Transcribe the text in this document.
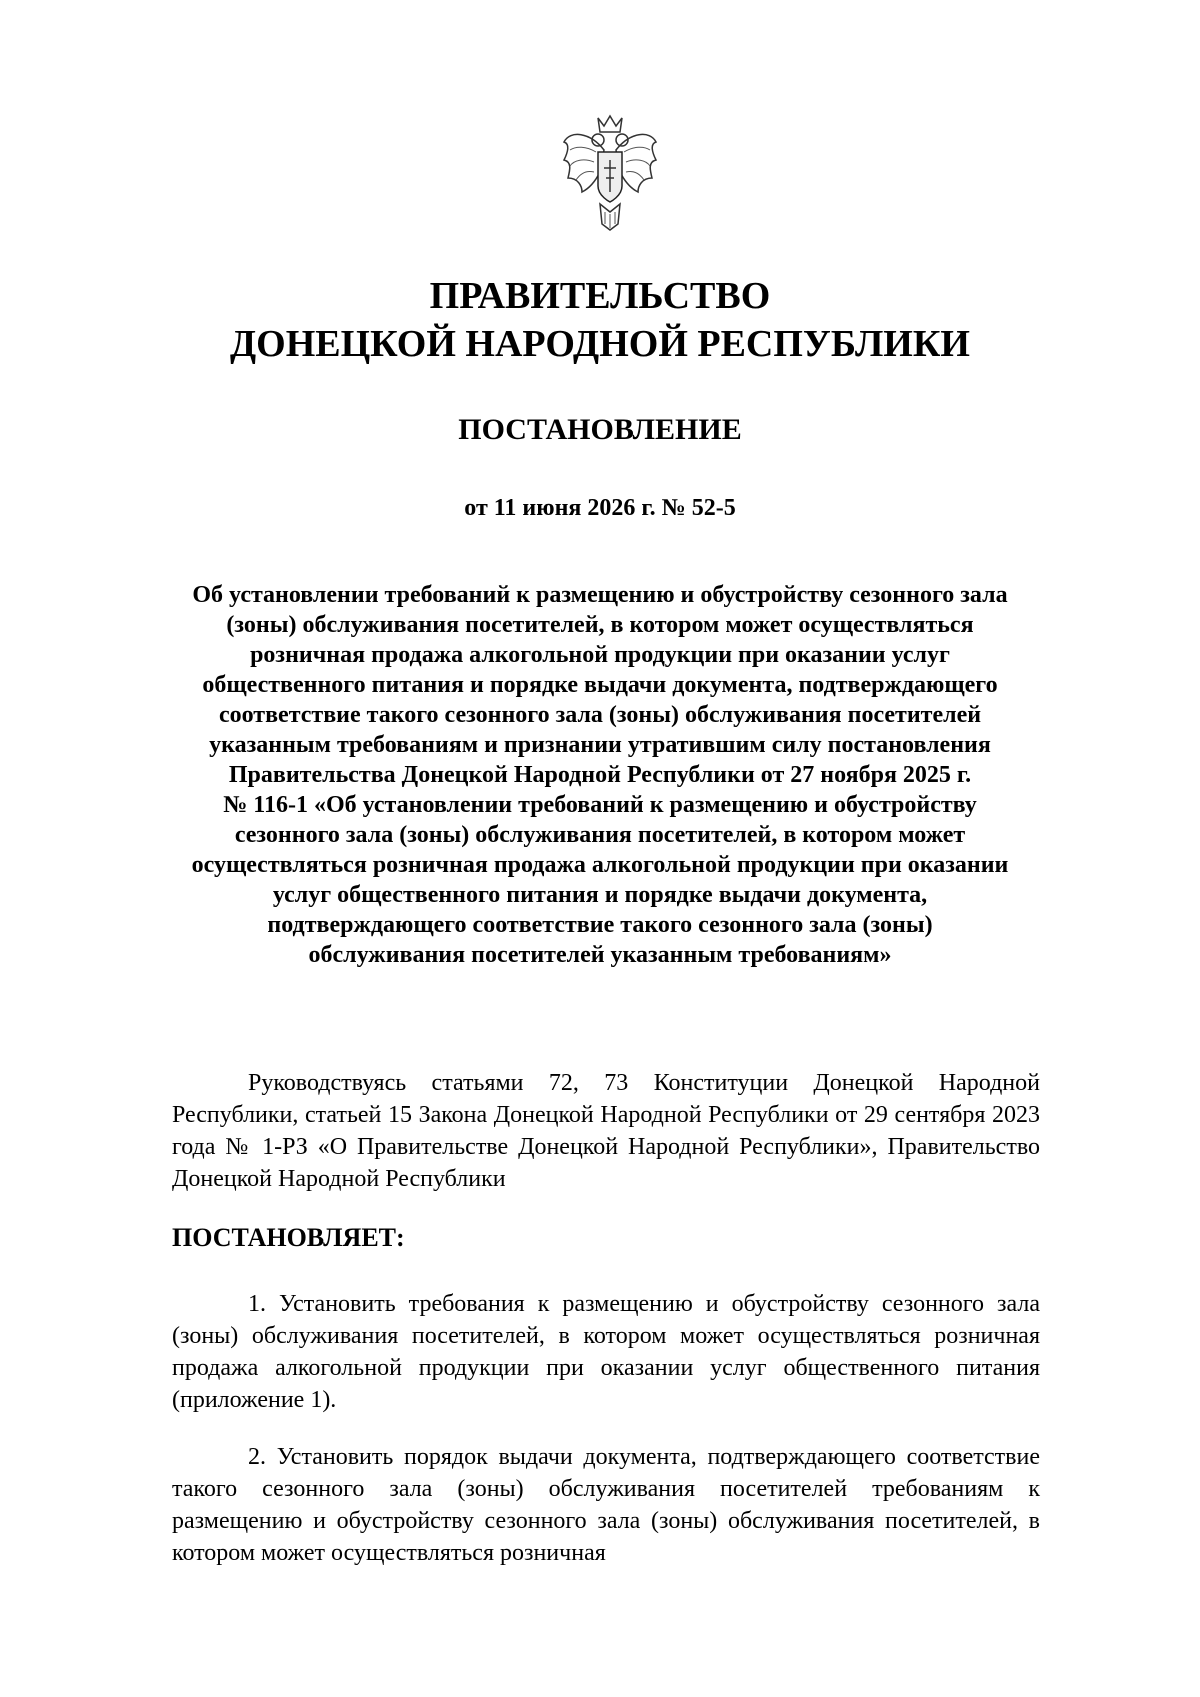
ПРАВИТЕЛЬСТВО
ДОНЕЦКОЙ НАРОДНОЙ РЕСПУБЛИКИ
ПОСТАНОВЛЕНИЕ
от 11 июня 2026 г. № 52-5
Об установлении требований к размещению и обустройству сезонного зала
(зоны) обслуживания посетителей, в котором может осуществляться
розничная продажа алкогольной продукции при оказании услуг
общественного питания и порядке выдачи документа, подтверждающего
соответствие такого сезонного зала (зоны) обслуживания посетителей
указанным требованиям и признании утратившим силу постановления
Правительства Донецкой Народной Республики от 27 ноября 2025 г.
№ 116-1 «Об установлении требований к размещению и обустройству
сезонного зала (зоны) обслуживания посетителей, в котором может
осуществляться розничная продажа алкогольной продукции при оказании
услуг общественного питания и порядке выдачи документа,
подтверждающего соответствие такого сезонного зала (зоны)
обслуживания посетителей указанным требованиям»

Руководствуясь статьями 72, 73 Конституции Донецкой Народной Республики, статьей 15 Закона Донецкой Народной Республики от 29 сентября 2023 года № 1-РЗ «О Правительстве Донецкой Народной Республики», Правительство Донецкой Народной Республики

ПОСТАНОВЛЯЕТ:

1. Установить требования к размещению и обустройству сезонного зала (зоны) обслуживания посетителей, в котором может осуществляться розничная продажа алкогольной продукции при оказании услуг общественного питания (приложение 1).

2. Установить порядок выдачи документа, подтверждающего соответствие такого сезонного зала (зоны) обслуживания посетителей требованиям к размещению и обустройству сезонного зала (зоны) обслуживания посетителей, в котором может осуществляться розничная
